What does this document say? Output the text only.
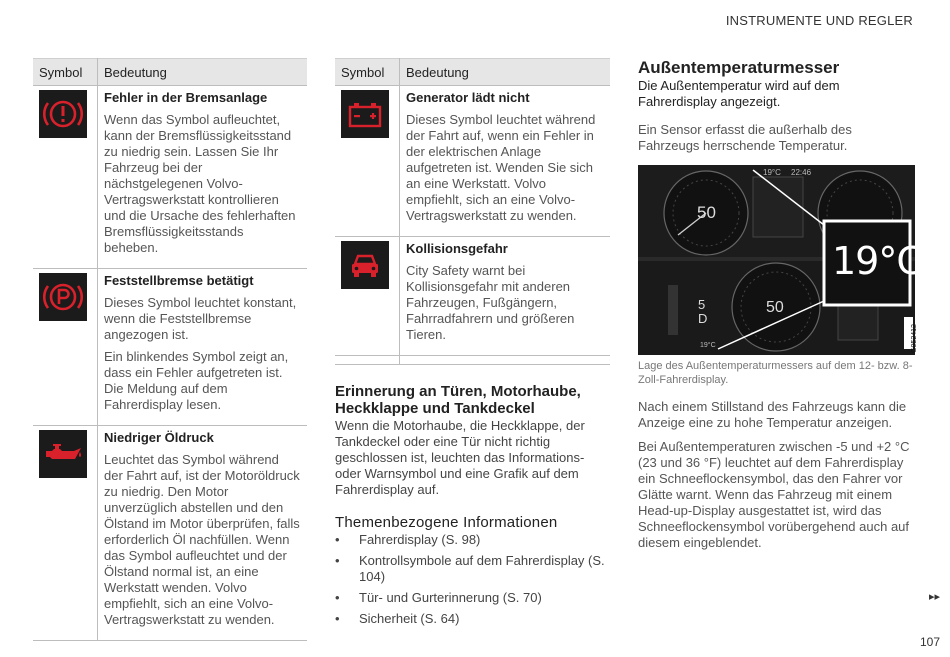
INSTRUMENTE UND REGLER
Symbol	Bedeutung

Fehler in der Bremsanlage

Wenn das Symbol aufleuchtet, kann der Bremsflüssigkeitsstand zu niedrig sein. Lassen Sie Ihr Fahrzeug bei der nächstgelegenen Volvo-Vertragswerkstatt kontrollieren und die Ursache des fehlerhaften Bremsflüssigkeitsstands beheben.

Feststellbremse betätigt

Dieses Symbol leuchtet konstant, wenn die Feststellbremse angezogen ist.

Ein blinkendes Symbol zeigt an, dass ein Fehler aufgetreten ist. Die Meldung auf dem Fahrerdisplay lesen.

Niedriger Öldruck

Leuchtet das Symbol während der Fahrt auf, ist der Motoröldruck zu niedrig. Den Motor unverzüglich abstellen und den Ölstand im Motor überprüfen, falls erforderlich Öl nachfüllen. Wenn das Symbol aufleuchtet und der Ölstand normal ist, an eine Werkstatt wenden. Volvo empfiehlt, sich an eine Volvo-Vertragswerkstatt zu wenden.

Symbol	Bedeutung

Generator lädt nicht

Dieses Symbol leuchtet während der Fahrt auf, wenn ein Fehler in der elektrischen Anlage aufgetreten ist. Wenden Sie sich an eine Werkstatt. Volvo empfiehlt, sich an eine Volvo-Vertragswerkstatt zu wenden.

Kollisionsgefahr

City Safety warnt bei Kollisionsgefahr mit anderen Fahrzeugen, Fußgängern, Fahrradfahrern und größeren Tieren.

Erinnerung an Türen, Motorhaube, Heckklappe und Tankdeckel

Wenn die Motorhaube, die Heckklappe, der Tankdeckel oder eine Tür nicht richtig geschlossen ist, leuchten das Informations- oder Warnsymbol und eine Grafik auf dem Fahrerdisplay auf.

Themenbezogene Informationen
• Fahrerdisplay (S. 98)
• Kontrollsymbole auf dem Fahrerdisplay (S. 104)
• Tür- und Gurterinnerung (S. 70)
• Sicherheit (S. 64)
Außentemperaturmesser

Die Außentemperatur wird auf dem Fahrerdisplay angezeigt.

Ein Sensor erfasst die außerhalb des Fahrzeugs herrschende Temperatur.

50
19°C 22:46
19°C
50
5
D
19°C	G052412

Lage des Außentemperaturmessers auf dem 12- bzw. 8-Zoll-Fahrerdisplay.

Nach einem Stillstand des Fahrzeugs kann die Anzeige eine zu hohe Temperatur anzeigen.

Bei Außentemperaturen zwischen -5 und +2 °C (23 und 36 °F) leuchtet auf dem Fahrerdisplay ein Schneeflockensymbol, das den Fahrer vor Glätte warnt. Wenn das Fahrzeug mit einem Head-up-Display ausgestattet ist, wird das Schneeflockensymbol vorübergehend auch auf diesem eingeblendet.

▸▸
107
